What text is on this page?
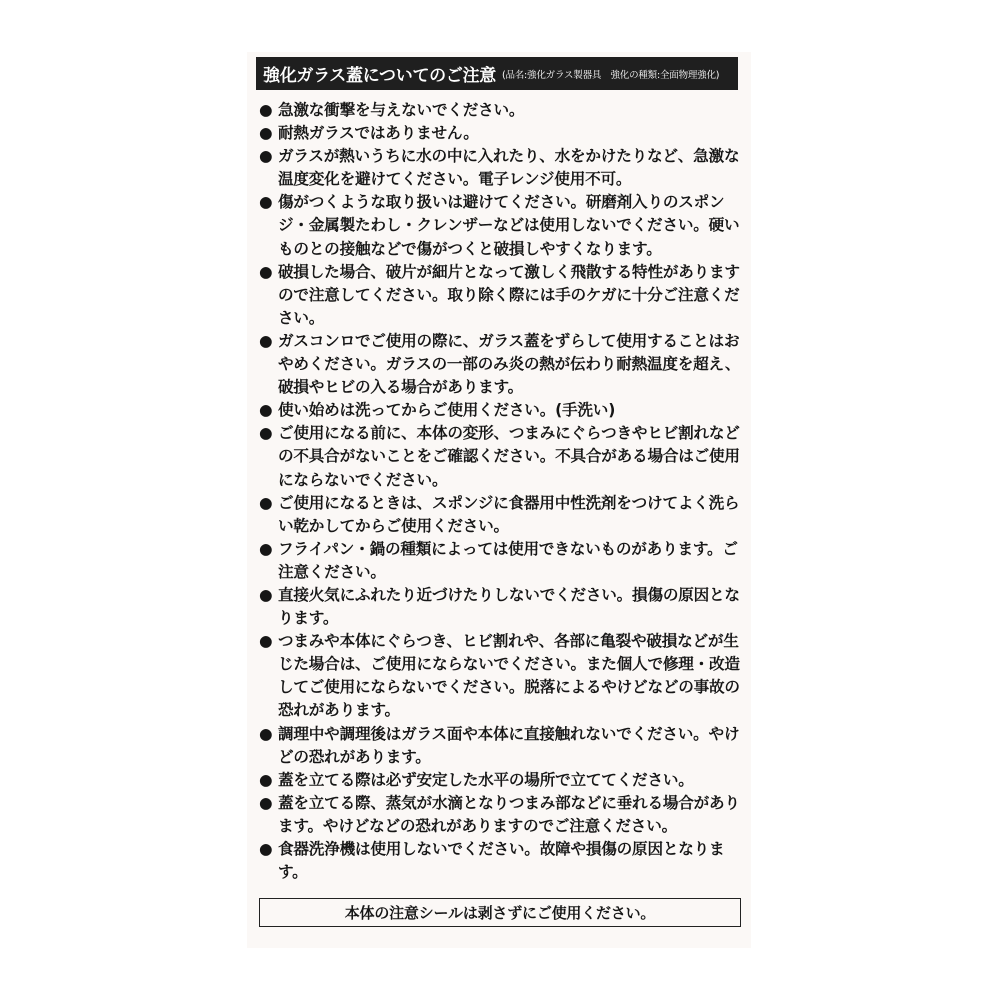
強化ガラス蓋についてのご注意 (品名:強化ガラス製器具　強化の種類:全面物理強化)
● 急激な衝撃を与えないでください。
● 耐熱ガラスではありません。
● ガラスが熱いうちに水の中に入れたり、水をかけたりなど、急激な温度変化を避けてください。電子レンジ使用不可。
● 傷がつくような取り扱いは避けてください。研磨剤入りのスポンジ・金属製たわし・クレンザーなどは使用しないでください。硬いものとの接触などで傷がつくと破損しやすくなります。
● 破損した場合、破片が細片となって激しく飛散する特性がありますので注意してください。取り除く際には手のケガに十分ご注意ください。
● ガスコンロでご使用の際に、ガラス蓋をずらして使用することはおやめください。ガラスの一部のみ炎の熱が伝わり耐熱温度を超え、破損やヒビの入る場合があります。
● 使い始めは洗ってからご使用ください。(手洗い)
● ご使用になる前に、本体の変形、つまみにぐらつきやヒビ割れなどの不具合がないことをご確認ください。不具合がある場合はご使用にならないでください。
● ご使用になるときは、スポンジに食器用中性洗剤をつけてよく洗らい乾かしてからご使用ください。
● フライパン・鍋の種類によっては使用できないものがあります。ご注意ください。
● 直接火気にふれたり近づけたりしないでください。損傷の原因となります。
● つまみや本体にぐらつき、ヒビ割れや、各部に亀裂や破損などが生じた場合は、ご使用にならないでください。また個人で修理・改造してご使用にならないでください。脱落によるやけどなどの事故の恐れがあります。
● 調理中や調理後はガラス面や本体に直接触れないでください。やけどの恐れがあります。
● 蓋を立てる際は必ず安定した水平の場所で立ててください。
● 蓋を立てる際、蒸気が水滴となりつまみ部などに垂れる場合があります。やけどなどの恐れがありますのでご注意ください。
● 食器洗浄機は使用しないでください。故障や損傷の原因となります。
本体の注意シールは剥さずにご使用ください。
